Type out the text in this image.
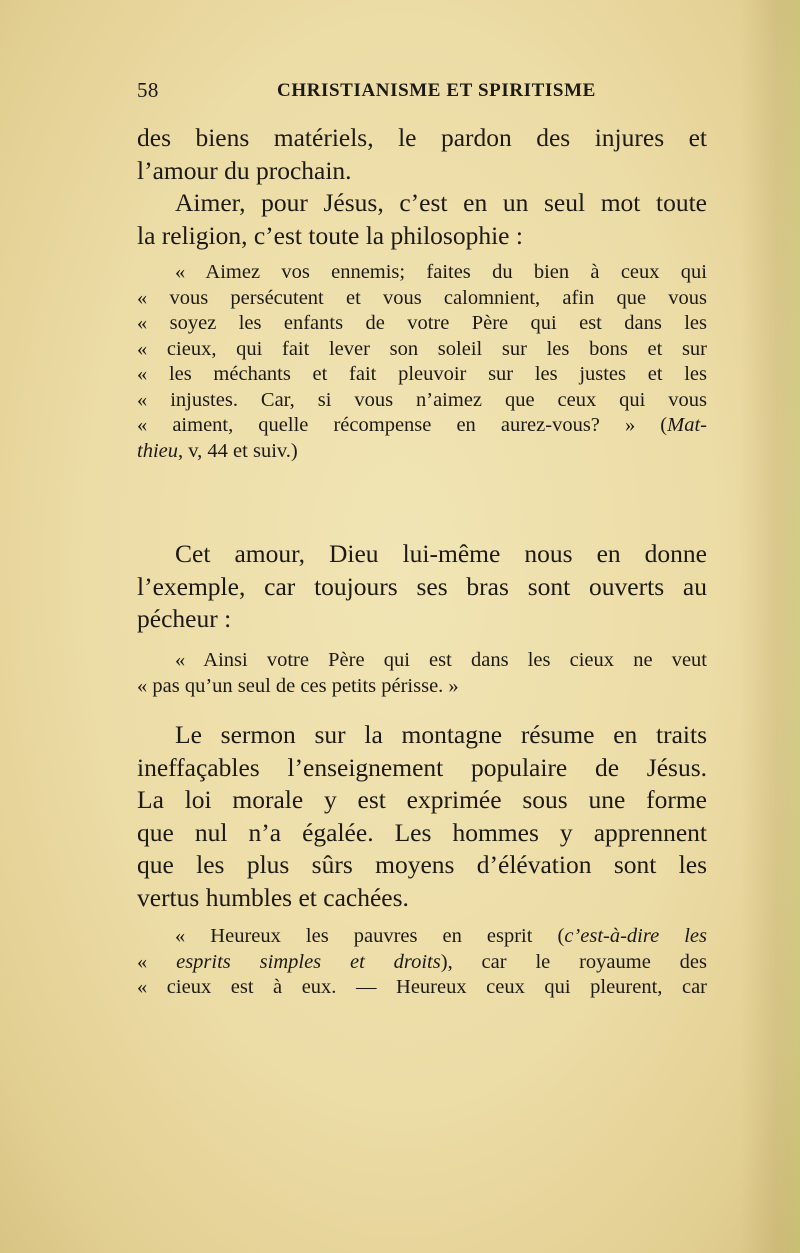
58	CHRISTIANISME ET SPIRITISME
des biens matériels, le pardon des injures et
l’amour du prochain.
Aimer, pour Jésus, c’est en un seul mot toute
la religion, c’est toute la philosophie :
« Aimez vos ennemis; faites du bien à ceux qui
« vous persécutent et vous calomnient, afin que vous
« soyez les enfants de votre Père qui est dans les
« cieux, qui fait lever son soleil sur les bons et sur
« les méchants et fait pleuvoir sur les justes et les
« injustes. Car, si vous n’aimez que ceux qui vous
« aiment, quelle récompense en aurez-vous? » (Mat-
thieu, v, 44 et suiv.)
Cet amour, Dieu lui-même nous en donne
l’exemple, car toujours ses bras sont ouverts au
pécheur :
« Ainsi votre Père qui est dans les cieux ne veut
« pas qu’un seul de ces petits périsse. »
Le sermon sur la montagne résume en traits
ineffaçables l’enseignement populaire de Jésus.
La loi morale y est exprimée sous une forme
que nul n’a égalée. Les hommes y apprennent
que les plus sûrs moyens d’élévation sont les
vertus humbles et cachées.
« Heureux les pauvres en esprit (c’est-à-dire les
« esprits simples et droits), car le royaume des
« cieux est à eux. — Heureux ceux qui pleurent, car
